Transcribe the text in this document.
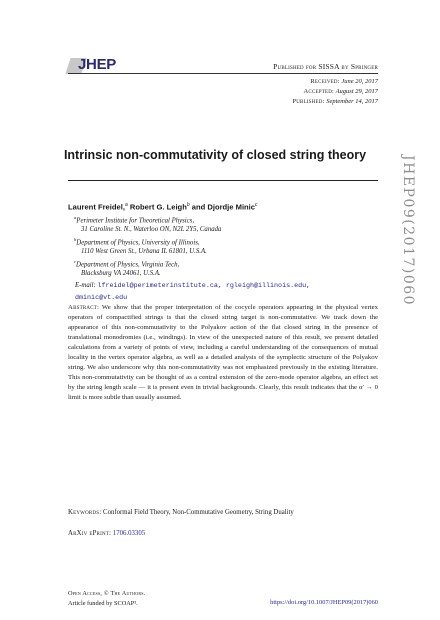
JHEP	Published for SISSA by Springer
Received: June 20, 2017
Accepted: August 29, 2017
Published: September 14, 2017
JHEP09(2017)060
Intrinsic non-commutativity of closed string theory
Laurent Freidel,$^a$ Robert G. Leigh$^b$ and Djordje Minic$^c$
$^a$Perimeter Institute for Theoretical Physics,
31 Caroline St. N., Waterloo ON, N2L 2Y5, Canada
$^b$Department of Physics, University of Illinois,
1110 West Green St., Urbana IL 61801, U.S.A.
$^c$Department of Physics, Virginia Tech,
Blacksburg VA 24061, U.S.A.
E-mail: lfreidel@perimeterinstitute.ca, rgleigh@illinois.edu,
dminic@vt.edu
Abstract: We show that the proper interpretation of the cocycle operators appearing in the physical vertex operators of compactified strings is that the closed string target is non-commutative. We track down the appearance of this non-commutativity to the Polyakov action of the flat closed string in the presence of translational monodromies (i.e., windings). In view of the unexpected nature of this result, we present detailed calculations from a variety of points of view, including a careful understanding of the consequences of mutual locality in the vertex operator algebra, as well as a detailed analysis of the symplectic structure of the Polyakov string. We also underscore why this non-commutativity was not emphasized previously in the existing literature. This non-commutativity can be thought of as a central extension of the zero-mode operator algebra, an effect set by the string length scale — it is present even in trivial backgrounds. Clearly, this result indicates that the α′ → 0 limit is more subtle than usually assumed.
Keywords: Conformal Field Theory, Non-Commutative Geometry, String Duality
ArXiv ePrint: 1706.03305
Open Access, © The Authors.
Article funded by SCOAP³.	https://doi.org/10.1007/JHEP09(2017)060
